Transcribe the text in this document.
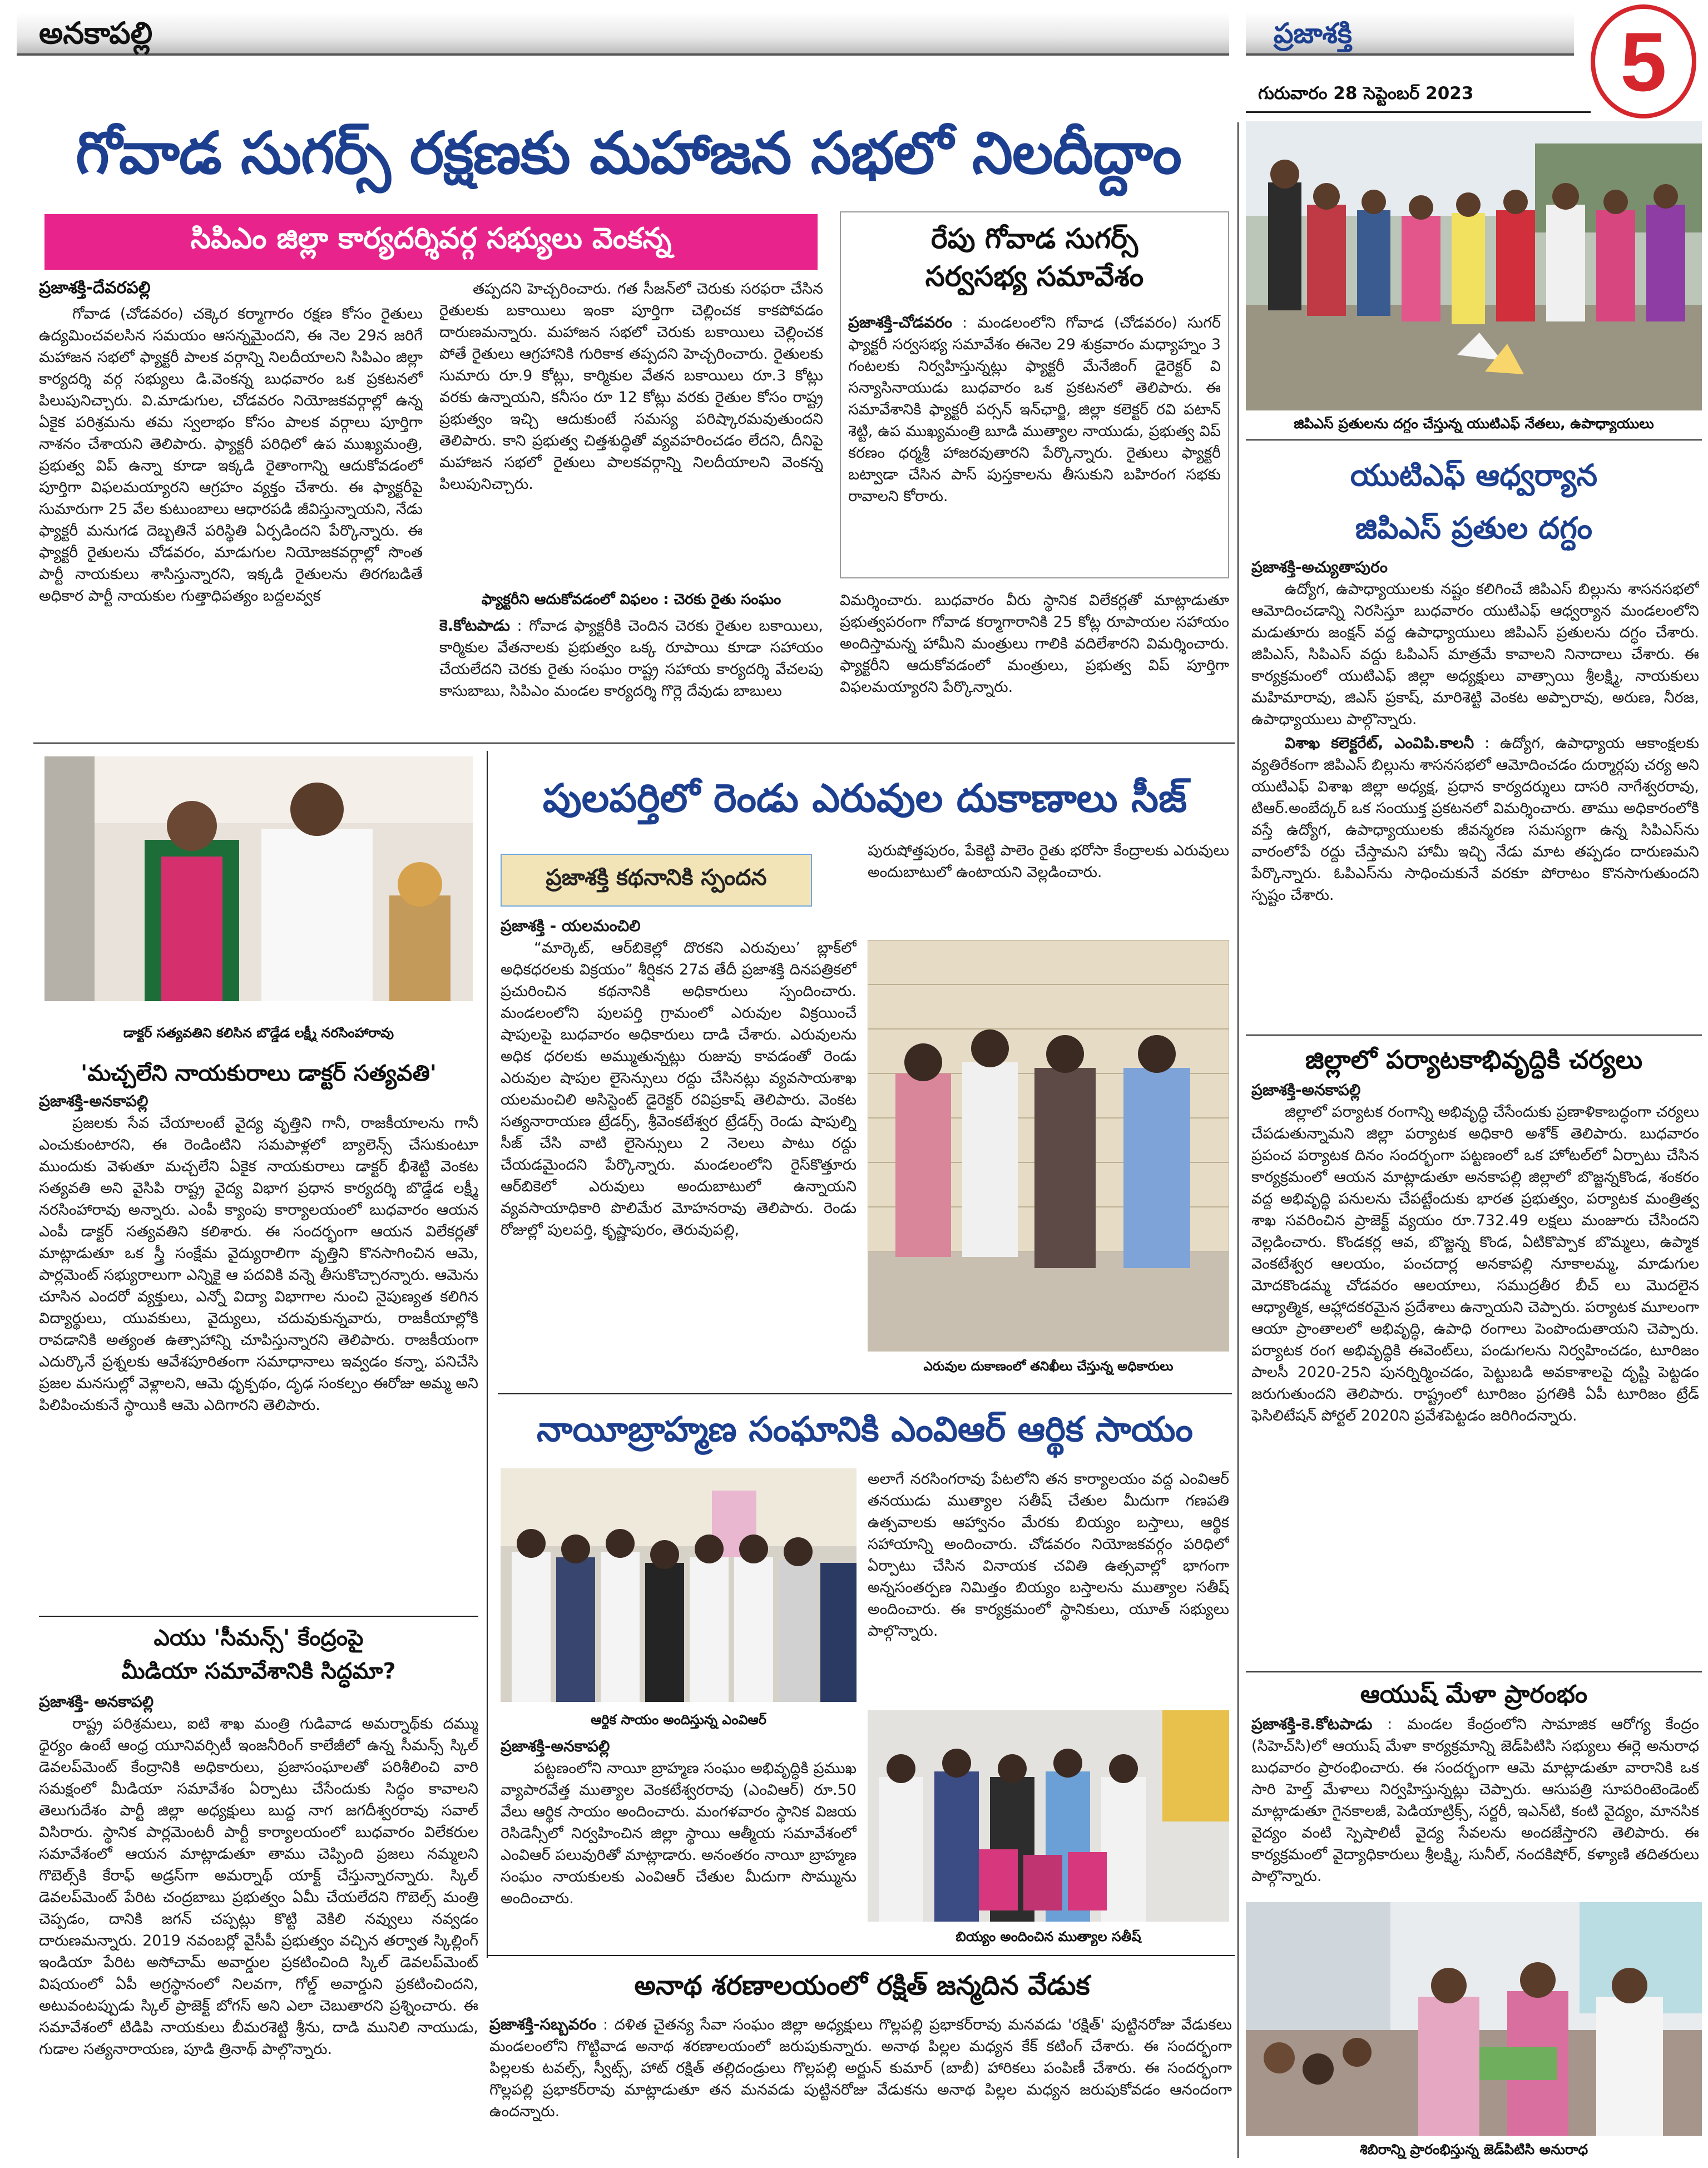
అనకాపల్లి	ప్రజాశక్తి
గురువారం 28 సెప్టెంబర్ 2023 5
గోవాడ సుగర్స్ రక్షణకు మహాజన సభలో నిలదీద్దాం
సిపిఎం జిల్లా కార్యదర్శివర్గ సభ్యులు వెంకన్న
ప్రజాశక్తి-దేవరపల్లి

గోవాడ (చోడవరం) చక్కెర కర్మాగారం రక్షణ కోసం రైతులు ఉద్యమించవలసిన సమయం ఆసన్నమైందని, ఈ నెల 29న జరిగే మహాజన సభలో ఫ్యాక్టరీ పాలక వర్గాన్ని నిలదీయాలని సిపిఎం జిల్లా కార్యదర్శి వర్గ సభ్యులు డి.వెంకన్న బుధవారం ఒక ప్రకటనలో పిలుపునిచ్చారు. వి.మాడుగుల, చోడవరం నియోజకవర్గాల్లో ఉన్న ఏకైక పరిశ్రమను తమ స్వలాభం కోసం పాలక వర్గాలు పూర్తిగా నాశనం చేశాయని తెలిపారు. ఫ్యాక్టరీ పరిధిలో ఉప ముఖ్యమంత్రి, ప్రభుత్వ విప్ ఉన్నా కూడా ఇక్కడి రైతాంగాన్ని ఆదుకోవడంలో పూర్తిగా విఫలమయ్యారని ఆగ్రహం వ్యక్తం చేశారు. ఈ ఫ్యాక్టరీపై సుమారుగా 25 వేల కుటుంబాలు ఆధారపడి జీవిస్తున్నాయని, నేడు ఫ్యాక్టరీ మనుగడ దెబ్బతినే పరిస్థితి ఏర్పడిందని పేర్కొన్నారు. ఈ ఫ్యాక్టరీ రైతులను చోడవరం, మాడుగుల నియోజకవర్గాల్లో సొంత పార్టీ నాయకులు శాసిస్తున్నారని, ఇక్కడి రైతులను తిరగబడితే అధికార పార్టీ నాయకుల గుత్తాధిపత్యం బద్దలవ్వక

తప్పదని హెచ్చరించారు. గత సీజన్‌లో చెరుకు సరఫరా చేసిన రైతులకు బకాయిలు ఇంకా పూర్తిగా చెల్లించక కాకపోవడం దారుణమన్నారు. మహాజన సభలో చెరుకు బకాయిలు చెల్లించక పోతే రైతులు ఆగ్రహానికి గురికాక తప్పదని హెచ్చరించారు. రైతులకు సుమారు రూ.9 కోట్లు, కార్మికుల వేతన బకాయిలు రూ.3 కోట్లు వరకు ఉన్నాయని, కనీసం రూ 12 కోట్లు వరకు రైతుల కోసం రాష్ట్ర ప్రభుత్వం ఇచ్చి ఆదుకుంటే సమస్య పరిష్కారమవుతుందని తెలిపారు. కాని ప్రభుత్వ చిత్తశుద్ధితో వ్యవహరించడం లేదని, దీనిపై మహాజన సభలో రైతులు పాలకవర్గాన్ని నిలదీయాలని వెంకన్న పిలుపునిచ్చారు.

ఫ్యాక్టరీని ఆదుకోవడంలో విఫలం : చెరకు రైతు సంఘం
కె.కోటపాడు : గోవాడ ఫ్యాక్టరీకి చెందిన చెరకు రైతుల బకాయిలు, కార్మికుల వేతనాలకు ప్రభుత్వం ఒక్క రూపాయి కూడా సహాయం చేయలేదని చెరకు రైతు సంఘం రాష్ట్ర సహాయ కార్యదర్శి వేచలపు కాసుబాబు, సిపిఎం మండల కార్యదర్శి గొర్లె దేవుడు బాబులు
రేపు గోవాడ సుగర్స్
సర్వసభ్య సమావేశం
ప్రజాశక్తి-చోడవరం : మండలంలోని గోవాడ (చోడవరం) సుగర్ ఫ్యాక్టరీ సర్వసభ్య సమావేశం ఈనెల 29 శుక్రవారం మధ్యాహ్నం 3 గంటలకు నిర్వహిస్తున్నట్లు ఫ్యాక్టరీ మేనేజింగ్ డైరెక్టర్ వి సన్యాసినాయుడు బుధవారం ఒక ప్రకటనలో తెలిపారు. ఈ సమావేశానికి ఫ్యాక్టరీ పర్సన్ ఇన్‌ఛార్జి, జిల్లా కలెక్టర్ రవి పటాన్ శెట్టి, ఉప ముఖ్యమంత్రి బూడి ముత్యాల నాయుడు, ప్రభుత్వ విప్ కరణం ధర్మశ్రీ హాజరవుతారని పేర్కొన్నారు. రైతులు ఫ్యాక్టరీ బట్వాడా చేసిన పాస్ పుస్తకాలను తీసుకుని బహిరంగ సభకు రావాలని కోరారు.
విమర్శించారు. బుధవారం వీరు స్థానిక విలేకర్లతో మాట్లాడుతూ ప్రభుత్వపరంగా గోవాడ కర్మాగారానికి 25 కోట్ల రూపాయల సహాయం అందిస్తామన్న హామీని మంత్రులు గాలికి వదిలేశారని విమర్శించారు. ఫ్యాక్టరీని ఆదుకోవడంలో మంత్రులు, ప్రభుత్వ విప్ పూర్తిగా విఫలమయ్యారని పేర్కొన్నారు.
జిపిఎస్ ప్రతులను దగ్ధం చేస్తున్న యుటిఎఫ్ నేతలు, ఉపాధ్యాయులు
యుటిఎఫ్ ఆధ్వర్యాన
జిపిఎస్ ప్రతుల దగ్ధం
ప్రజాశక్తి-అచ్యుతాపురం

ఉద్యోగ, ఉపాధ్యాయులకు నష్టం కలిగించే జిపిఎస్ బిల్లును శాసనసభలో ఆమోదించడాన్ని నిరసిస్తూ బుధవారం యుటిఎఫ్ ఆధ్వర్యాన మండలంలోని మడుతూరు జంక్షన్ వద్ద ఉపాధ్యాయులు జిపిఎస్ ప్రతులను దగ్ధం చేశారు. జిపిఎస్, సిపిఎస్ వద్దు ఓపిఎస్ మాత్రమే కావాలని నినాదాలు చేశారు. ఈ కార్యక్రమంలో యుటిఎఫ్ జిల్లా అధ్యక్షులు వాత్సాయి శ్రీలక్ష్మి, నాయకులు మహిమారావు, జిఎస్ ప్రకాష్, మారిశెట్టి వెంకట అప్పారావు, అరుణ, నీరజ, ఉపాధ్యాయులు పాల్గొన్నారు.

విశాఖ కలెక్టరేట్, ఎంవిపి.కాలనీ : ఉద్యోగ, ఉపాధ్యాయ ఆకాంక్షలకు వ్యతిరేకంగా జిపిఎస్ బిల్లును శాసనసభలో ఆమోదించడం దుర్మార్గపు చర్య అని యుటిఎఫ్ విశాఖ జిల్లా అధ్యక్ష, ప్రధాన కార్యదర్శులు దాసరి నాగేశ్వరరావు, టిఆర్.అంబేద్కర్ ఒక సంయుక్త ప్రకటనలో విమర్శించారు. తాము అధికారంలోకి వస్తే ఉద్యోగ, ఉపాధ్యాయులకు జీవన్మరణ సమస్యగా ఉన్న సిపిఎస్‌ను వారంలోపే రద్దు చేస్తామని హామీ ఇచ్చి నేడు మాట తప్పడం దారుణమని పేర్కొన్నారు. ఓపిఎస్‌ను సాధించుకునే వరకూ పోరాటం కొనసాగుతుందని స్పష్టం చేశారు.

జిల్లాలో పర్యాటకాభివృద్ధికి చర్యలు
ప్రజాశక్తి-అనకాపల్లి

జిల్లాలో పర్యాటక రంగాన్ని అభివృద్ధి చేసేందుకు ప్రణాళికాబద్ధంగా చర్యలు చేపడుతున్నామని జిల్లా పర్యాటక అధికారి అశోక్ తెలిపారు. బుధవారం ప్రపంచ పర్యాటక దినం సందర్భంగా పట్టణంలో ఒక హోటల్‌లో ఏర్పాటు చేసిన కార్యక్రమంలో ఆయన మాట్లాడుతూ అనకాపల్లి జిల్లాలో బొజ్జన్నకొండ, శంకరం వద్ద అభివృద్ధి పనులను చేపట్టేందుకు భారత ప్రభుత్వం, పర్యాటక మంత్రిత్వ శాఖ సవరించిన ప్రాజెక్ట్ వ్యయం రూ.732.49 లక్షలు మంజూరు చేసిందని వెల్లడించారు. కొండకర్ల ఆవ, బొజ్జన్న కొండ, ఏటికొప్పాక బొమ్మలు, ఉప్మాక వెంకటేశ్వర ఆలయం, పంచదార్ల అనకాపల్లి నూకాలమ్మ, మాడుగుల మోదకొండమ్మ చోడవరం ఆలయాలు, సముద్రతీర బీచ్ లు మొదలైన ఆధ్యాత్మిక, ఆహ్లాదకరమైన ప్రదేశాలు ఉన్నాయని చెప్పారు. పర్యాటక మూలంగా ఆయా ప్రాంతాలలో అభివృద్ధి, ఉపాధి రంగాలు పెంపొందుతాయని చెప్పారు. పర్యాటక రంగ అభివృద్ధికి ఈవెంట్‌లు, పండుగలను నిర్వహించడం, టూరిజం పాలసీ 2020-25ని పునర్నిర్మించడం, పెట్టుబడి అవకాశాలపై దృష్టి పెట్టడం జరుగుతుందని తెలిపారు. రాష్ట్రంలో టూరిజం ప్రగతికి ఏపీ టూరిజం ట్రేడ్ ఫెసిలిటేషన్ పోర్టల్ 2020ని ప్రవేశపెట్టడం జరిగిందన్నారు.

ఆయుష్ మేళా ప్రారంభం
ప్రజాశక్తి-కె.కోటపాడు : మండల కేంద్రంలోని సామాజిక ఆరోగ్య కేంద్రం (సిహెచ్‌సి)లో ఆయుష్ మేళా కార్యక్రమాన్ని జెడ్‌పిటిసి సభ్యులు ఈర్లె అనురాధ బుధవారం ప్రారంభించారు. ఈ సందర్భంగా ఆమె మాట్లాడుతూ వారానికి ఒక సారి హెల్త్ మేళాలు నిర్వహిస్తున్నట్లు చెప్పారు. ఆసుపత్రి సూపరింటెండెంట్ మాట్లాడుతూ గైనకాలజీ, పెడియాట్రిక్స్, సర్జరీ, ఇఎన్‌టి, కంటి వైద్యం, మానసిక వైద్యం వంటి స్పెషాలిటీ వైద్య సేవలను అందజేస్తారని తెలిపారు. ఈ కార్యక్రమంలో వైద్యాధికారులు శ్రీలక్ష్మి, సునీల్, నందకిషోర్, కళ్యాణి తదితరులు పాల్గొన్నారు.
శిబిరాన్ని ప్రారంభిస్తున్న జెడ్‌పిటిసి అనురాధ
డాక్టర్ సత్యవతిని కలిసిన బొడ్డేడ లక్ష్మీ నరసింహారావు
'మచ్చలేని నాయకురాలు డాక్టర్ సత్యవతి'
ప్రజాశక్తి-అనకాపల్లి

ప్రజలకు సేవ చేయాలంటే వైద్య వృత్తిని గానీ, రాజకీయాలను గానీ ఎంచుకుంటారని, ఈ రెండింటిని సమపాళ్లలో బ్యాలెన్స్ చేసుకుంటూ ముందుకు వెళుతూ మచ్చలేని ఏకైక నాయకురాలు డాక్టర్ భీశెట్టి వెంకట సత్యవతి అని వైసిపి రాష్ట్ర వైద్య విభాగ ప్రధాన కార్యదర్శి బొడ్డేడ లక్ష్మీ నరసింహారావు అన్నారు. ఎంపీ క్యాంపు కార్యాలయంలో బుధవారం ఆయన ఎంపీ డాక్టర్ సత్యవతిని కలిశారు. ఈ సందర్భంగా ఆయన విలేకర్లతో మాట్లాడుతూ ఒక స్త్రీ సంక్షేమ వైద్యురాలిగా వృత్తిని కొనసాగించిన ఆమె, పార్లమెంట్ సభ్యురాలుగా ఎన్నికై ఆ పదవికి వన్నె తీసుకొచ్చారన్నారు. ఆమెను చూసిన ఎందరో వ్యక్తులు, ఎన్నో విద్యా విభాగాల నుంచి నైపుణ్యత కలిగిన విద్యార్థులు, యువకులు, వైద్యులు, చదువుకున్నవారు, రాజకీయాల్లోకి రావడానికి అత్యంత ఉత్సాహాన్ని చూపిస్తున్నారని తెలిపారు. రాజకీయంగా ఎదుర్కొనే ప్రశ్నలకు ఆవేశపూరితంగా సమాధానాలు ఇవ్వడం కన్నా, పనిచేసి ప్రజల మనసుల్లో వెళ్లాలని, ఆమె ధృక్పథం, దృఢ సంకల్పం ఈరోజు అమ్మ అని పిలిపించుకునే స్థాయికి ఆమె ఎదిగారని తెలిపారు.

ఎయు 'సీమన్స్' కేంద్రంపై
మీడియా సమావేశానికి సిద్ధమా?
ప్రజాశక్తి- అనకాపల్లి

రాష్ట్ర పరిశ్రమలు, ఐటి శాఖ మంత్రి గుడివాడ అమర్నాథ్‌కు దమ్ము ధైర్యం ఉంటే ఆంధ్ర యూనివర్సిటీ ఇంజనీరింగ్ కాలేజీలో ఉన్న సీమన్స్ స్కిల్ డెవలప్‌మెంట్ కేంద్రానికి అధికారులు, ప్రజాసంఘాలతో పరిశీలించి వారి సమక్షంలో మీడియా సమావేశం ఏర్పాటు చేసేందుకు సిద్ధం కావాలని తెలుగుదేశం పార్టీ జిల్లా అధ్యక్షులు బుద్ద నాగ జగదీశ్వరరావు సవాల్ విసిరారు. స్థానిక పార్లమెంటరీ పార్టీ కార్యాలయంలో బుధవారం విలేకరుల సమావేశంలో ఆయన మాట్లాడుతూ తాము చెప్పింది ప్రజలు నమ్మలని గొబెల్స్‌కి కేరాఫ్ అడ్రస్‌గా అమర్నాథ్ యాక్ట్ చేస్తున్నారన్నారు. స్కిల్ డెవలప్‌మెంట్ పేరిట చంద్రబాబు ప్రభుత్వం ఏమీ చేయలేదని గొబెల్స్ మంత్రి చెప్పడం, దానికి జగన్ చప్పట్లు కొట్టి వెకిలి నవ్వులు నవ్వడం దారుణమన్నారు. 2019 నవంబర్లో వైసీపీ ప్రభుత్వం వచ్చిన తర్వాత స్కిల్లింగ్ ఇండియా పేరిట అసోచామ్ అవార్డుల ప్రకటించింది స్కిల్ డెవలప్‌మెంట్ విషయంలో ఏపీ అగ్రస్థానంలో నిలవగా, గోల్డ్ అవార్డుని ప్రకటించిందని, అటువంటప్పుడు స్కిల్ ప్రాజెక్ట్ బోగస్ అని ఎలా చెబుతారని ప్రశ్నించారు. ఈ సమావేశంలో టిడిపి నాయకులు బీమరశెట్టి శ్రీను, దాడి మునిలి నాయుడు, గుడాల సత్యనారాయణ, పూడి త్రినాథ్ పాల్గొన్నారు.

పులపర్తిలో రెండు ఎరువుల దుకాణాలు సీజ్
ప్రజాశక్తి కథనానికి స్పందన
ప్రజాశక్తి - యలమంచిలి

“మార్కెట్, ఆర్‌బికెల్లో దొరకని ఎరువులు’ బ్లాక్‌లో అధికధరలకు విక్రయం” శీర్షికన 27వ తేదీ ప్రజాశక్తి దినపత్రికలో ప్రచురించిన కథనానికి అధికారులు స్పందించారు. మండలంలోని పులపర్తి గ్రామంలో ఎరువుల విక్రయించే షాపులపై బుధవారం అధికారులు దాడి చేశారు. ఎరువులను అధిక ధరలకు అమ్ముతున్నట్లు రుజువు కావడంతో రెండు ఎరువుల షాపుల లైసెన్సులు రద్దు చేసినట్లు వ్యవసాయశాఖ యలమంచిలి అసిస్టెంట్ డైరెక్టర్ రవిప్రకాష్ తెలిపారు. వెంకట సత్యనారాయణ ట్రేడర్స్, శ్రీవెంకటేశ్వర ట్రేడర్స్ రెండు షాపుల్ని సీజ్ చేసి వాటి లైసెన్సులు 2 నెలలు పాటు రద్దు చేయడమైందని పేర్కొన్నారు. మండలంలోని రైస్‌కొత్తూరు ఆర్‌బికెలో ఎరువులు అందుబాటులో ఉన్నాయని వ్యవసాయాధికారి పొలిమేర మోహనరావు తెలిపారు. రెండు రోజుల్లో పులపర్తి, కృష్ణాపురం, తెరువుపల్లి,

పురుషోత్తపురం, పేకెట్టి పాలెం రైతు భరోసా కేంద్రాలకు ఎరువులు అందుబాటులో ఉంటాయని వెల్లడించారు.
ఎరువుల దుకాణంలో తనిఖీలు చేస్తున్న అధికారులు
నాయీబ్రాహ్మణ సంఘానికి ఎంవిఆర్ ఆర్థిక సాయం
ఆర్థిక సాయం అందిస్తున్న ఎంవిఆర్
అలాగే నరసింగరావు పేటలోని తన కార్యాలయం వద్ద ఎంవిఆర్ తనయుడు ముత్యాల సతీష్ చేతుల మీదుగా గణపతి ఉత్సవాలకు ఆహ్వానం మేరకు బియ్యం బస్తాలు, ఆర్థిక సహాయాన్ని అందించారు. చోడవరం నియోజకవర్గం పరిధిలో ఏర్పాటు చేసిన వినాయక చవితి ఉత్సవాల్లో భాగంగా అన్నసంతర్పణ నిమిత్తం బియ్యం బస్తాలను ముత్యాల సతీష్ అందించారు. ఈ కార్యక్రమంలో స్థానికులు, యూత్ సభ్యులు పాల్గొన్నారు.
ప్రజాశక్తి-అనకాపల్లి

పట్టణంలోని నాయీ బ్రాహ్మణ సంఘం అభివృద్ధికి ప్రముఖ వ్యాపారవేత్త ముత్యాల వెంకటేశ్వరరావు (ఎంవిఆర్) రూ.50 వేలు ఆర్థిక సాయం అందించారు. మంగళవారం స్థానిక విజయ రెసిడెన్సీలో నిర్వహించిన జిల్లా స్థాయి ఆత్మీయ సమావేశంలో ఎంవిఆర్ పలువురితో మాట్లాడారు. అనంతరం నాయీ బ్రాహ్మణ సంఘం నాయకులకు ఎంవిఆర్ చేతుల మీదుగా సొమ్మును అందించారు.

బియ్యం అందించిన ముత్యాల సతీష్
అనాథ శరణాలయంలో రక్షిత్ జన్మదిన వేడుక
ప్రజాశక్తి-సబ్బవరం : దళిత చైతన్య సేవా సంఘం జిల్లా అధ్యక్షులు గొల్లపల్లి ప్రభాకర్‌రావు మనవడు 'రక్షిత్' పుట్టినరోజు వేడుకలు మండలంలోని గొట్టివాడ అనాథ శరణాలయంలో జరుపుకున్నారు. అనాథ పిల్లల మధ్యన కేక్ కటింగ్ చేశారు. ఈ సందర్భంగా పిల్లలకు టవల్స్, స్వీట్స్, హాట్ రక్షిత్ తల్లిదండ్రులు గొల్లపల్లి అర్జున్ కుమార్ (బాబీ) హారికలు పంపిణీ చేశారు. ఈ సందర్భంగా గొల్లపల్లి ప్రభాకర్‌రావు మాట్లాడుతూ తన మనవడు పుట్టినరోజు వేడుకను అనాథ పిల్లల మధ్యన జరుపుకోవడం ఆనందంగా ఉందన్నారు.
